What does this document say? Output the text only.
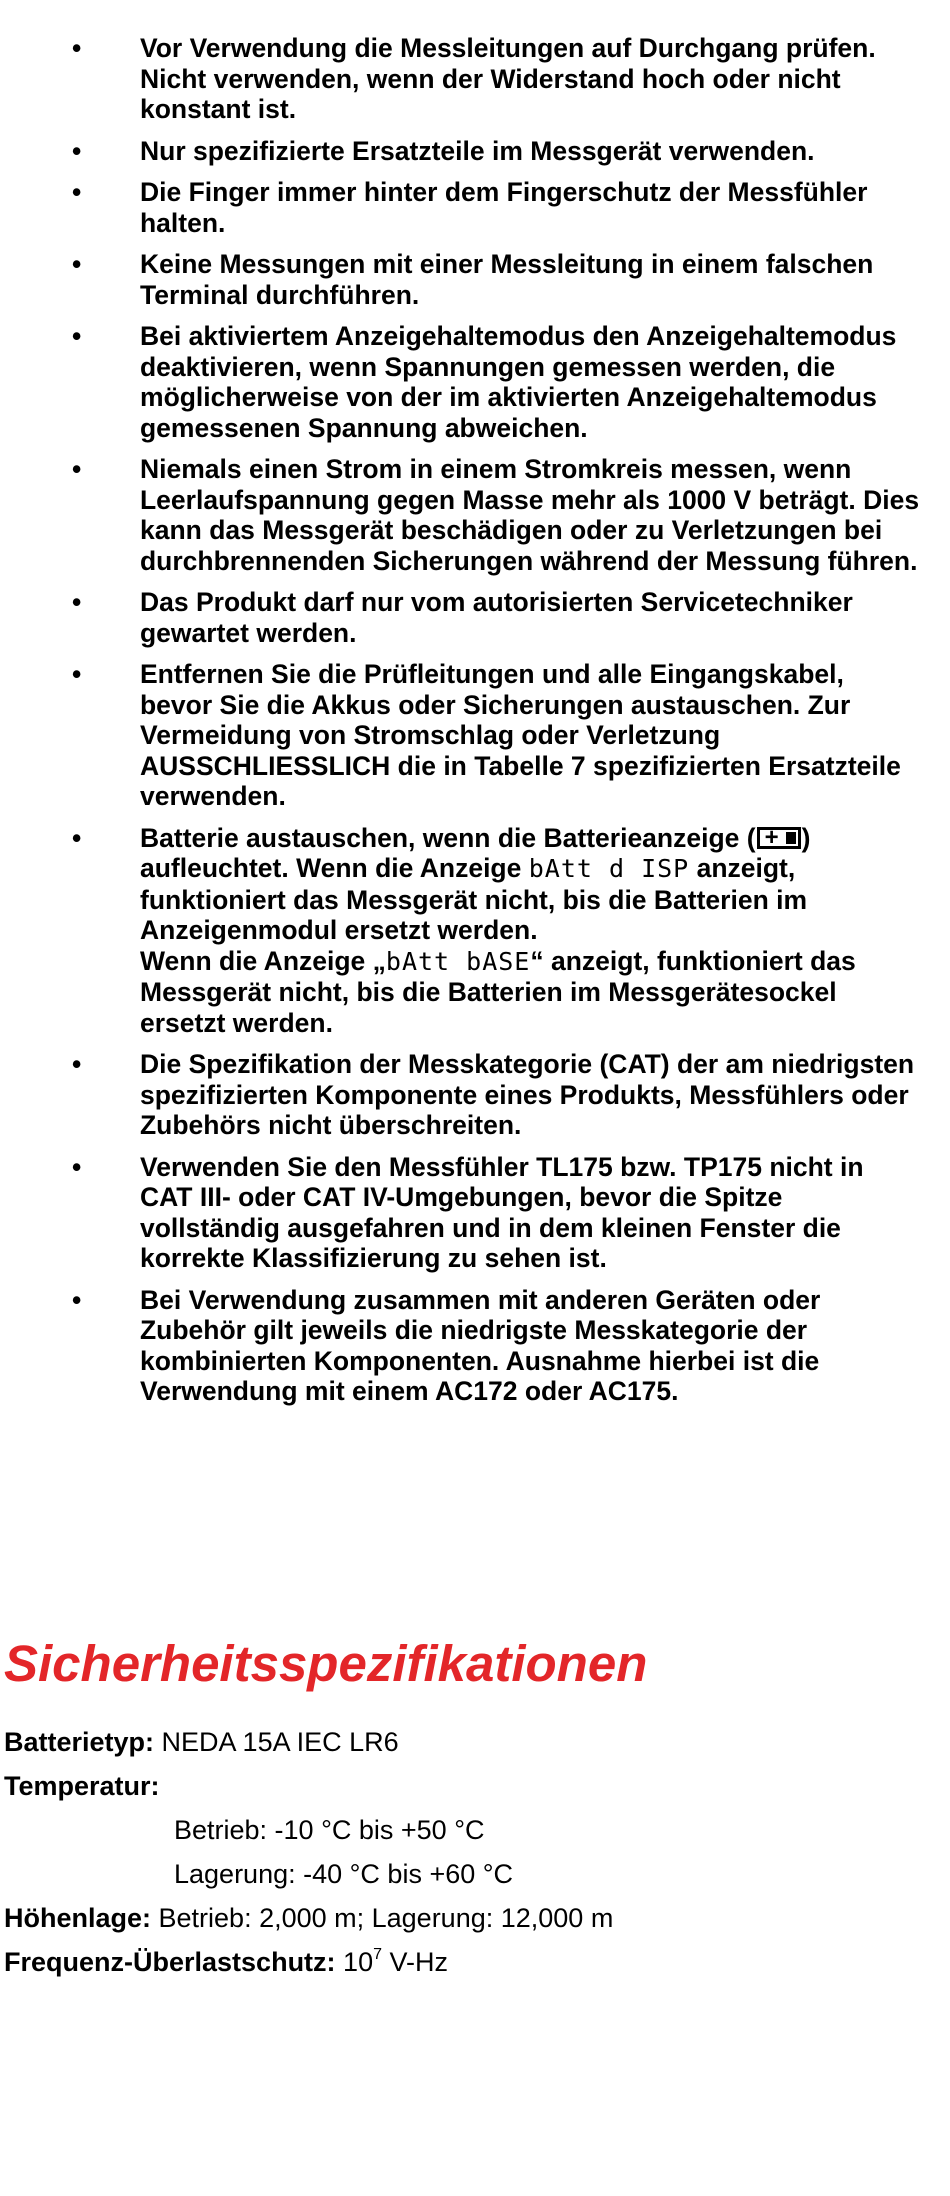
•	Vor Verwendung die Messleitungen auf Durchgang prüfen. Nicht verwenden, wenn der Widerstand hoch oder nicht konstant ist.
•	Nur spezifizierte Ersatzteile im Messgerät verwenden.
•	Die Finger immer hinter dem Fingerschutz der Messfühler halten.
•	Keine Messungen mit einer Messleitung in einem falschen Terminal durchführen.
•	Bei aktiviertem Anzeigehaltemodus den Anzeigehaltemodus deaktivieren, wenn Spannungen gemessen werden, die möglicherweise von der im aktivierten Anzeigehaltemodus gemessenen Spannung abweichen.
•	Niemals einen Strom in einem Stromkreis messen, wenn Leerlaufspannung gegen Masse mehr als 1000 V beträgt. Dies kann das Messgerät beschädigen oder zu Verletzungen bei durchbrennenden Sicherungen während der Messung führen.
•	Das Produkt darf nur vom autorisierten Servicetechniker gewartet werden.
•	Entfernen Sie die Prüfleitungen und alle Eingangskabel, bevor Sie die Akkus oder Sicherungen austauschen. Zur Vermeidung von Stromschlag oder Verletzung AUSSCHLIESSLICH die in Tabelle 7 spezifizierten Ersatzteile verwenden.
•	Batterie austauschen, wenn die Batterieanzeige ( + ) aufleuchtet. Wenn die Anzeige bAtt d ISP anzeigt, funktioniert das Messgerät nicht, bis die Batterien im Anzeigenmodul ersetzt werden.
Wenn die Anzeige „bAtt bASE“ anzeigt, funktioniert das Messgerät nicht, bis die Batterien im Messgerätesockel ersetzt werden.
•	Die Spezifikation der Messkategorie (CAT) der am niedrigsten spezifizierten Komponente eines Produkts, Messfühlers oder Zubehörs nicht überschreiten.
•	Verwenden Sie den Messfühler TL175 bzw. TP175 nicht in CAT III- oder CAT IV-Umgebungen, bevor die Spitze vollständig ausgefahren und in dem kleinen Fenster die korrekte Klassifizierung zu sehen ist.
•	Bei Verwendung zusammen mit anderen Geräten oder Zubehör gilt jeweils die niedrigste Messkategorie der kombinierten Komponenten. Ausnahme hierbei ist die Verwendung mit einem AC172 oder AC175.
Sicherheitsspezifikationen
Batterietyp: NEDA 15A IEC LR6
Temperatur:
Betrieb: -10 °C bis +50 °C
Lagerung: -40 °C bis +60 °C
Höhenlage: Betrieb: 2,000 m; Lagerung: 12,000 m
Frequenz-Überlastschutz: $10^7$ V-Hz
